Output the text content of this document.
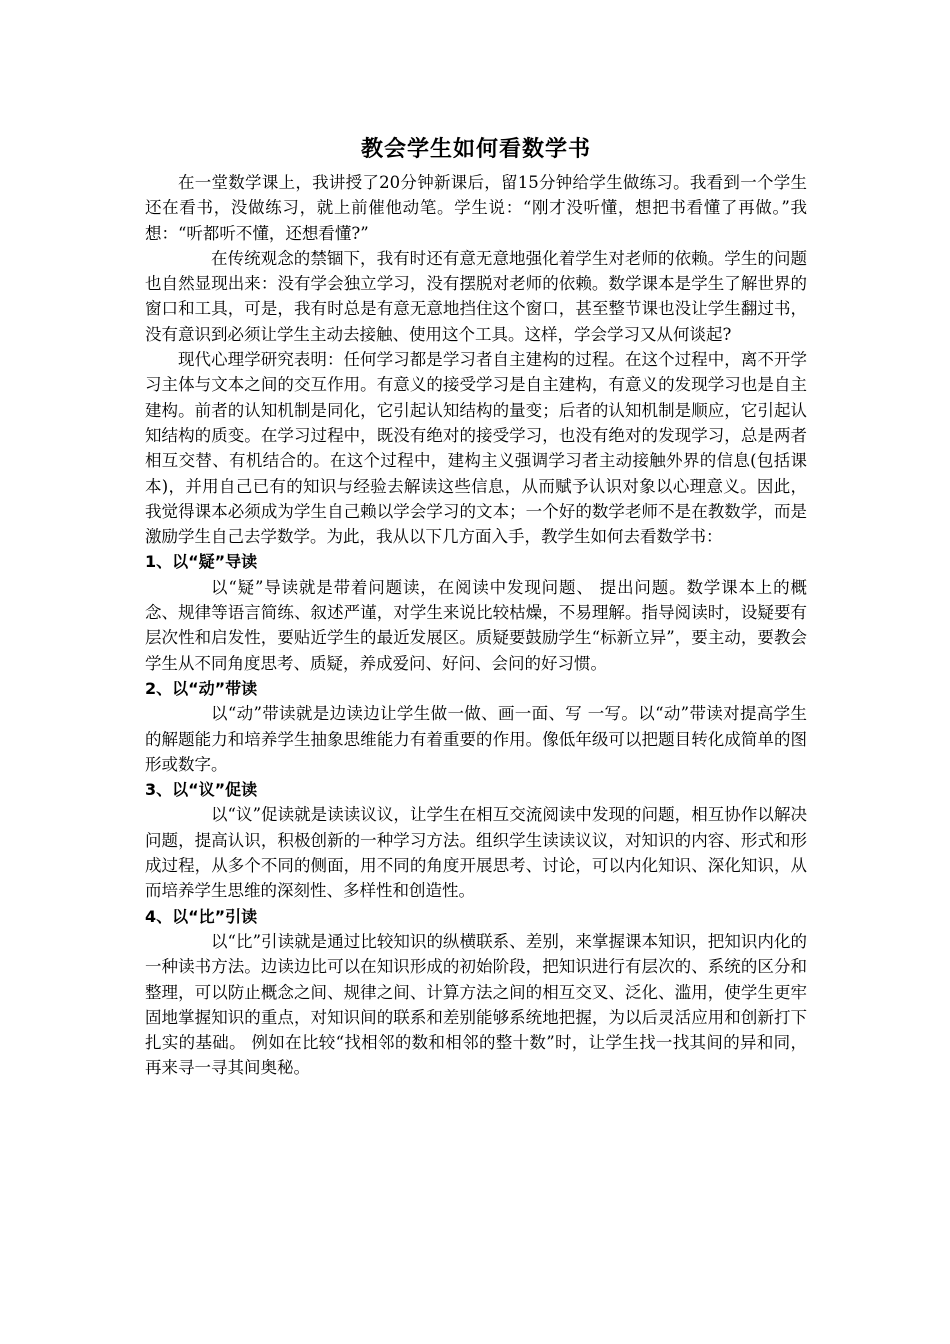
教会学生如何看数学书

在一堂数学课上，我讲授了20分钟新课后，留15分钟给学生做练习。我看到一个学生还在看书，没做练习，就上前催他动笔。学生说：“刚才没听懂，想把书看懂了再做。”我想：“听都听不懂，还想看懂?”

在传统观念的禁锢下，我有时还有意无意地强化着学生对老师的依赖。学生的问题也自然显现出来：没有学会独立学习，没有摆脱对老师的依赖。数学课本是学生了解世界的窗口和工具，可是，我有时总是有意无意地挡住这个窗口，甚至整节课也没让学生翻过书，没有意识到必须让学生主动去接触、使用这个工具。这样，学会学习又从何谈起?

现代心理学研究表明：任何学习都是学习者自主建构的过程。在这个过程中，离不开学习主体与文本之间的交互作用。有意义的接受学习是自主建构，有意义的发现学习也是自主建构。前者的认知机制是同化，它引起认知结构的量变；后者的认知机制是顺应，它引起认知结构的质变。在学习过程中，既没有绝对的接受学习，也没有绝对的发现学习，总是两者相互交替、有机结合的。在这个过程中，建构主义强调学习者主动接触外界的信息(包括课本)，并用自己已有的知识与经验去解读这些信息，从而赋予认识对象以心理意义。因此，我觉得课本必须成为学生自己赖以学会学习的文本；一个好的数学老师不是在教数学，而是激励学生自己去学数学。为此，我从以下几方面入手，教学生如何去看数学书：

1、以“疑”导读

以“疑”导读就是带着问题读，在阅读中发现问题、 提出问题。数学课本上的概念、规律等语言简练、叙述严谨，对学生来说比较枯燥，不易理解。指导阅读时，设疑要有层次性和启发性，要贴近学生的最近发展区。质疑要鼓励学生“标新立异”，要主动，要教会学生从不同角度思考、质疑，养成爱问、好问、会问的好习惯。

2、以“动”带读

以“动”带读就是边读边让学生做一做、画一面、写 一写。以“动”带读对提高学生的解题能力和培养学生抽象思维能力有着重要的作用。像低年级可以把题目转化成简单的图形或数字。

3、以“议”促读

以“议”促读就是读读议议，让学生在相互交流阅读中发现的问题，相互协作以解决问题，提高认识，积极创新的一种学习方法。组织学生读读议议，对知识的内容、形式和形成过程，从多个不同的侧面，用不同的角度开展思考、讨论，可以内化知识、深化知识，从而培养学生思维的深刻性、多样性和创造性。

4、以“比”引读

以“比”引读就是通过比较知识的纵横联系、差别，来掌握课本知识，把知识内化的一种读书方法。边读边比可以在知识形成的初始阶段，把知识进行有层次的、系统的区分和整理，可以防止概念之间、规律之间、计算方法之间的相互交叉、泛化、滥用，使学生更牢固地掌握知识的重点，对知识间的联系和差别能够系统地把握，为以后灵活应用和创新打下扎实的基础。 例如在比较“找相邻的数和相邻的整十数”时，让学生找一找其间的异和同，再来寻一寻其间奥秘。
